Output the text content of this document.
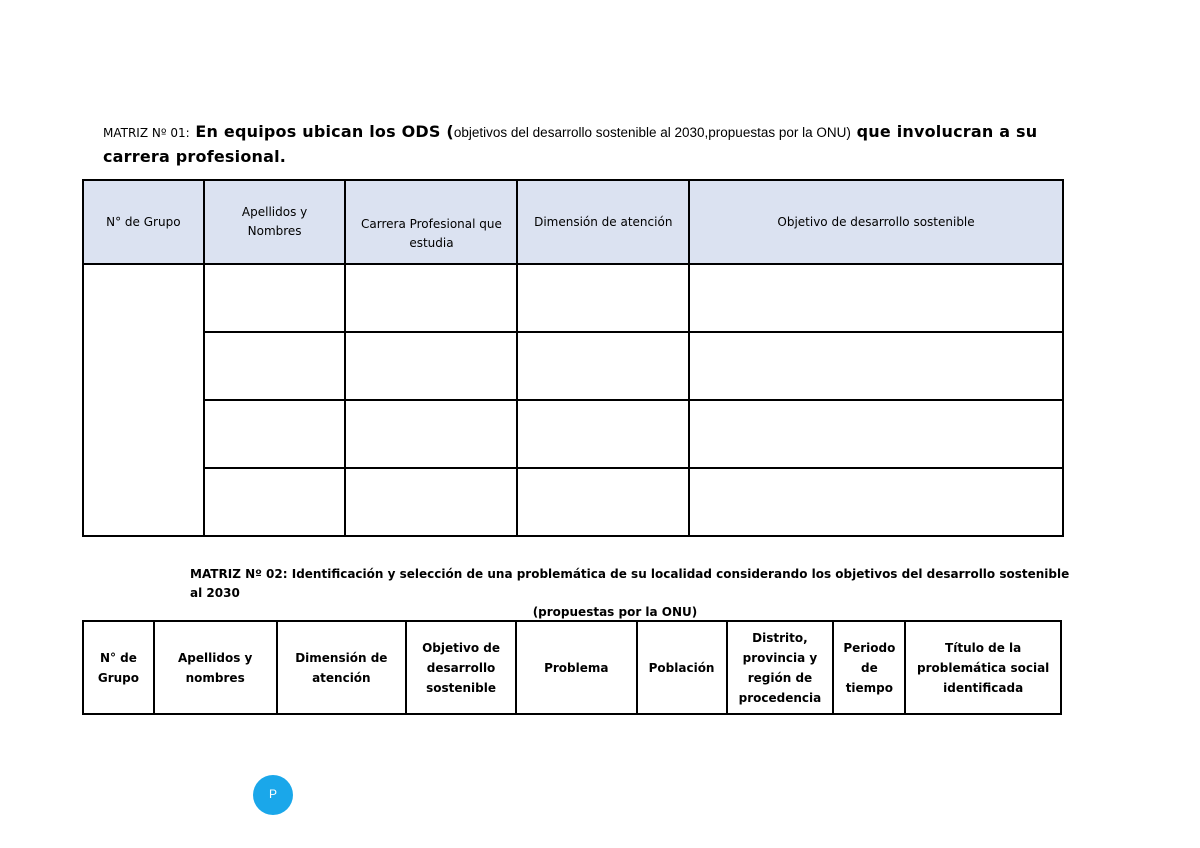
MATRIZ Nº 01: En equipos ubican los ODS (objetivos del desarrollo sostenible al 2030,propuestas por la ONU) que involucran a su carrera profesional.
N° de Grupo	Apellidos y Nombres	Carrera Profesional que estudia	Dimensión de atención	Objetivo de desarrollo sostenible

MATRIZ Nº 02: Identificación y selección de una problemática de su localidad considerando los objetivos del desarrollo sostenible al 2030
(propuestas por la ONU)
N° de Grupo	Apellidos y nombres	Dimensión de atención	Objetivo de desarrollo sostenible	Problema	Población	Distrito, provincia y región de procedencia	Periodo de tiempo	Título de la problemática social identificada
P
